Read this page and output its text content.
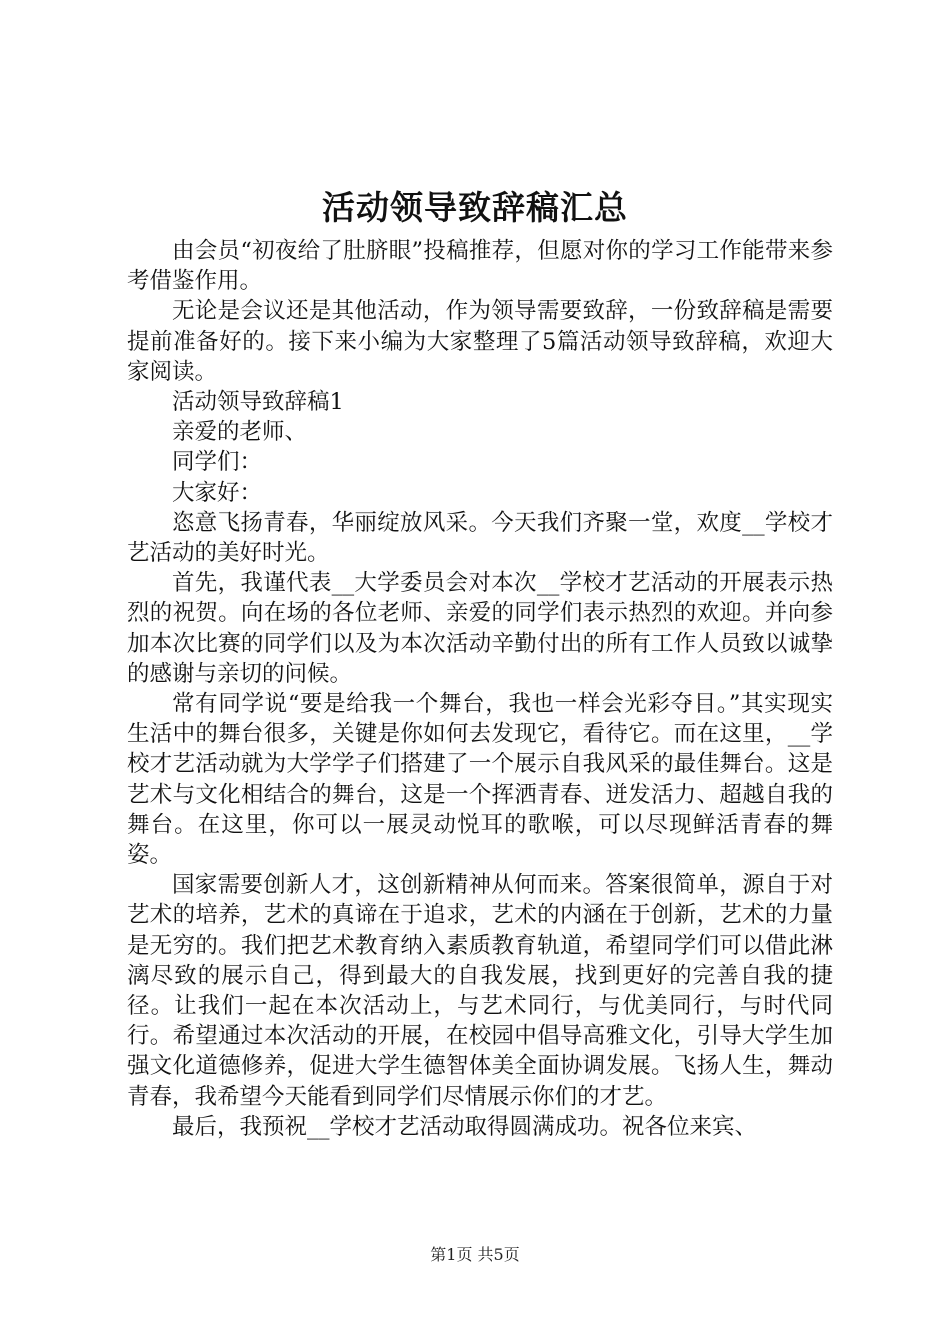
活动领导致辞稿汇总

由会员“初夜给了肚脐眼”投稿推荐，但愿对你的学习工作能带来参考借鉴作用。

无论是会议还是其他活动，作为领导需要致辞，一份致辞稿是需要提前准备好的。接下来小编为大家整理了5篇活动领导致辞稿，欢迎大家阅读。

活动领导致辞稿1

亲爱的老师、

同学们：

大家好：

恣意飞扬青春，华丽绽放风采。今天我们齐聚一堂，欢度__学校才艺活动的美好时光。

首先，我谨代表__大学委员会对本次__学校才艺活动的开展表示热烈的祝贺。向在场的各位老师、亲爱的同学们表示热烈的欢迎。并向参加本次比赛的同学们以及为本次活动辛勤付出的所有工作人员致以诚挚的感谢与亲切的问候。

常有同学说“要是给我一个舞台，我也一样会光彩夺目。”其实现实生活中的舞台很多，关键是你如何去发现它，看待它。而在这里，__学校才艺活动就为大学学子们搭建了一个展示自我风采的最佳舞台。这是艺术与文化相结合的舞台，这是一个挥洒青春、迸发活力、超越自我的舞台。在这里，你可以一展灵动悦耳的歌喉，可以尽现鲜活青春的舞姿。

国家需要创新人才，这创新精神从何而来。答案很简单，源自于对艺术的培养，艺术的真谛在于追求，艺术的内涵在于创新，艺术的力量是无穷的。我们把艺术教育纳入素质教育轨道，希望同学们可以借此淋漓尽致的展示自己，得到最大的自我发展，找到更好的完善自我的捷径。让我们一起在本次活动上，与艺术同行，与优美同行，与时代同行。希望通过本次活动的开展，在校园中倡导高雅文化，引导大学生加强文化道德修养，促进大学生德智体美全面协调发展。飞扬人生，舞动青春，我希望今天能看到同学们尽情展示你们的才艺。

最后，我预祝__学校才艺活动取得圆满成功。祝各位来宾、

第1页 共5页
